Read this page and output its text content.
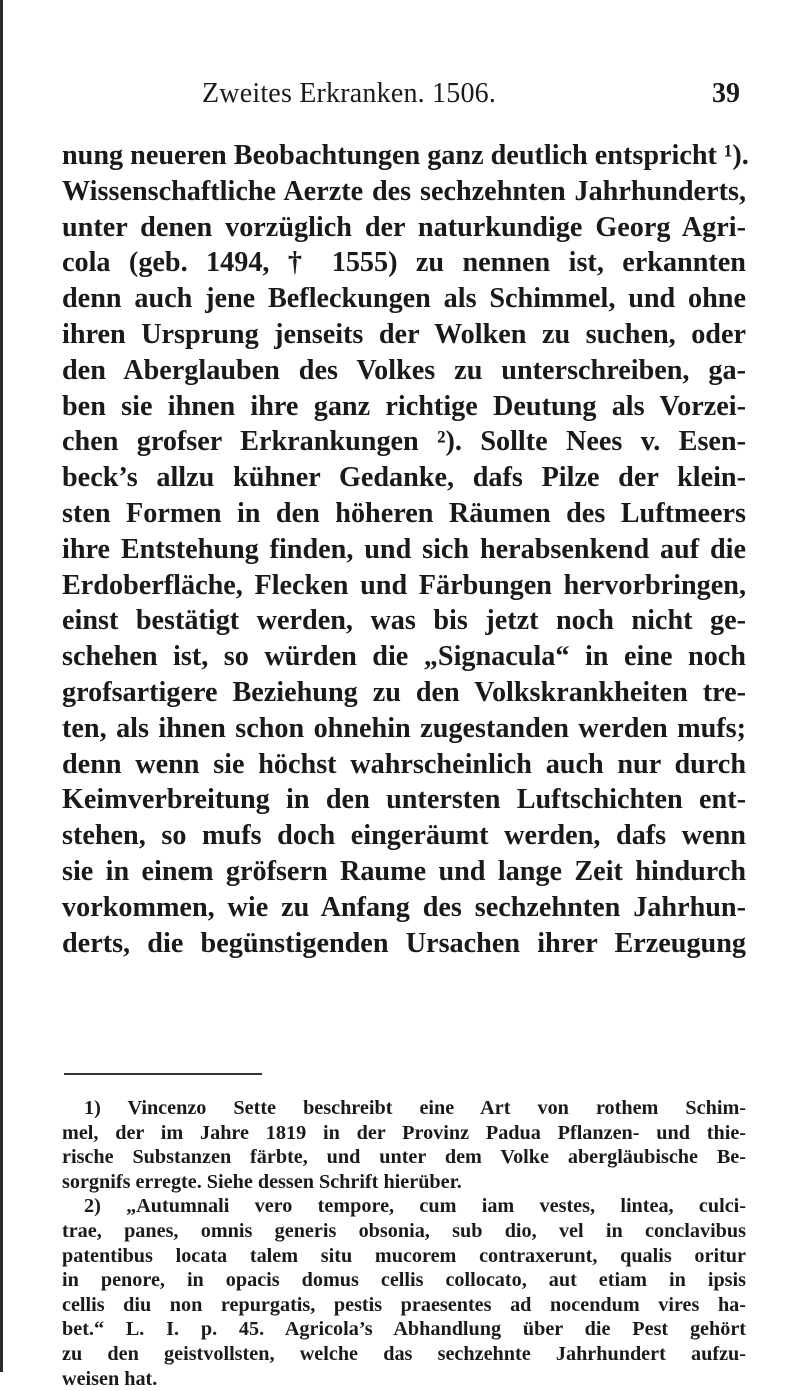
Zweites Erkranken. 1506.	39
nung neueren Beobachtungen ganz deutlich entspricht ¹).
Wissenschaftliche Aerzte des sechzehnten Jahrhunderts,
unter denen vorzüglich der naturkundige Georg Agri-
cola (geb. 1494, † 1555) zu nennen ist, erkannten
denn auch jene Befleckungen als Schimmel, und ohne
ihren Ursprung jenseits der Wolken zu suchen, oder
den Aberglauben des Volkes zu unterschreiben, ga-
ben sie ihnen ihre ganz richtige Deutung als Vorzei-
chen grofser Erkrankungen ²). Sollte Nees v. Esen-
beck’s allzu kühner Gedanke, dafs Pilze der klein-
sten Formen in den höheren Räumen des Luftmeers
ihre Entstehung finden, und sich herabsenkend auf die
Erdoberfläche, Flecken und Färbungen hervorbringen,
einst bestätigt werden, was bis jetzt noch nicht ge-
schehen ist, so würden die „Signacula“ in eine noch
grofsartigere Beziehung zu den Volkskrankheiten tre-
ten, als ihnen schon ohnehin zugestanden werden mufs;
denn wenn sie höchst wahrscheinlich auch nur durch
Keimverbreitung in den untersten Luftschichten ent-
stehen, so mufs doch eingeräumt werden, dafs wenn
sie in einem gröfsern Raume und lange Zeit hindurch
vorkommen, wie zu Anfang des sechzehnten Jahrhun-
derts, die begünstigenden Ursachen ihrer Erzeugung
1) Vincenzo Sette beschreibt eine Art von rothem Schim-
mel, der im Jahre 1819 in der Provinz Padua Pflanzen- und thie-
rische Substanzen färbte, und unter dem Volke abergläubische Be-
sorgnifs erregte. Siehe dessen Schrift hierüber.
2) „Autumnali vero tempore, cum iam vestes, lintea, culci-
trae, panes, omnis generis obsonia, sub dio, vel in conclavibus
patentibus locata talem situ mucorem contraxerunt, qualis oritur
in penore, in opacis domus cellis collocato, aut etiam in ipsis
cellis diu non repurgatis, pestis praesentes ad nocendum vires ha-
bet.“ L. I. p. 45. Agricola’s Abhandlung über die Pest gehört
zu den geistvollsten, welche das sechzehnte Jahrhundert aufzu-
weisen hat.
